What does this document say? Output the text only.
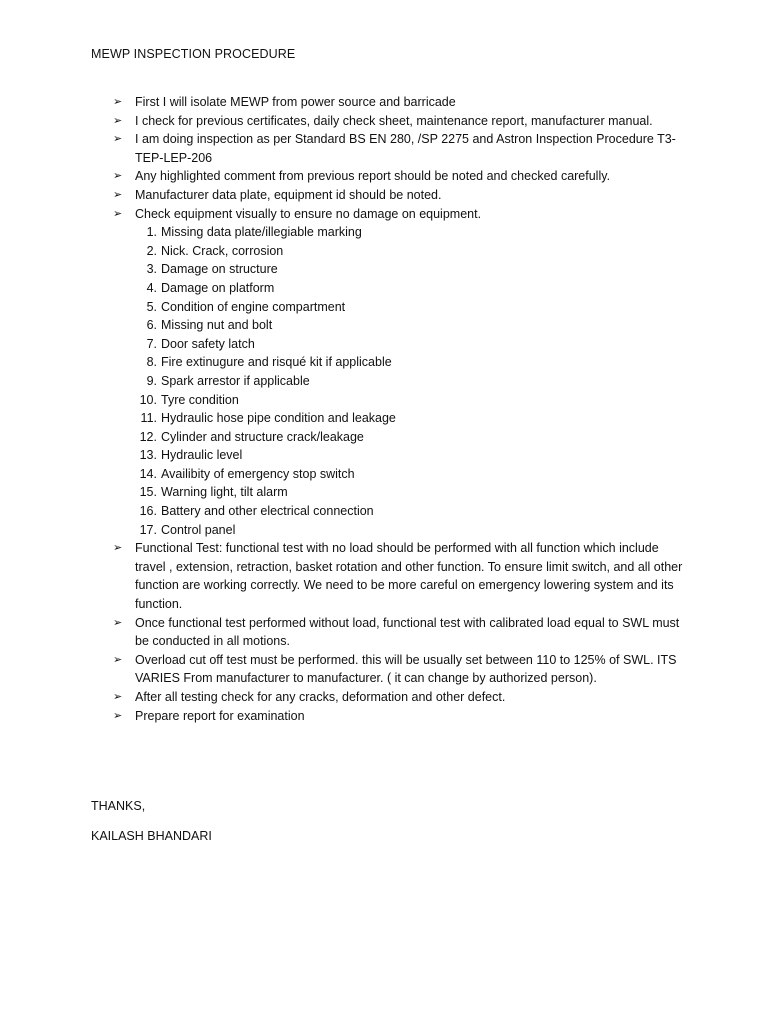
MEWP INSPECTION PROCEDURE
➢ First I will isolate MEWP from power source and barricade
➢ I check for previous certificates, daily check sheet, maintenance report, manufacturer manual.
➢ I am doing inspection as per Standard BS EN 280, /SP 2275 and Astron Inspection Procedure T3-TEP-LEP-206
➢ Any highlighted comment from previous report should be noted and checked carefully.
➢ Manufacturer data plate, equipment id should be noted.
➢ Check equipment visually to ensure no damage on equipment.
1. Missing data plate/illegiable marking
2. Nick. Crack, corrosion
3. Damage on structure
4. Damage on platform
5. Condition of engine compartment
6. Missing nut and bolt
7. Door safety latch
8. Fire extinugure and risqué kit if applicable
9. Spark arrestor if applicable
10. Tyre condition
11. Hydraulic hose pipe condition and leakage
12. Cylinder and structure crack/leakage
13. Hydraulic level
14. Availibity of emergency stop switch
15. Warning light, tilt alarm
16. Battery and other electrical connection
17. Control panel
➢ Functional Test: functional test with no load should be performed with all function which include travel , extension, retraction, basket rotation and other function. To ensure limit switch, and all other function are working correctly. We need to be more careful on emergency lowering system and its function.
➢ Once functional test performed without load, functional test with calibrated load equal to SWL must be conducted in all motions.
➢ Overload cut off test must be performed. this will be usually set between 110 to 125% of SWL. ITS VARIES From manufacturer to manufacturer. ( it can change by authorized person).
➢ After all testing check for any cracks, deformation and other defect.
➢ Prepare report for examination
THANKS,
KAILASH BHANDARI
